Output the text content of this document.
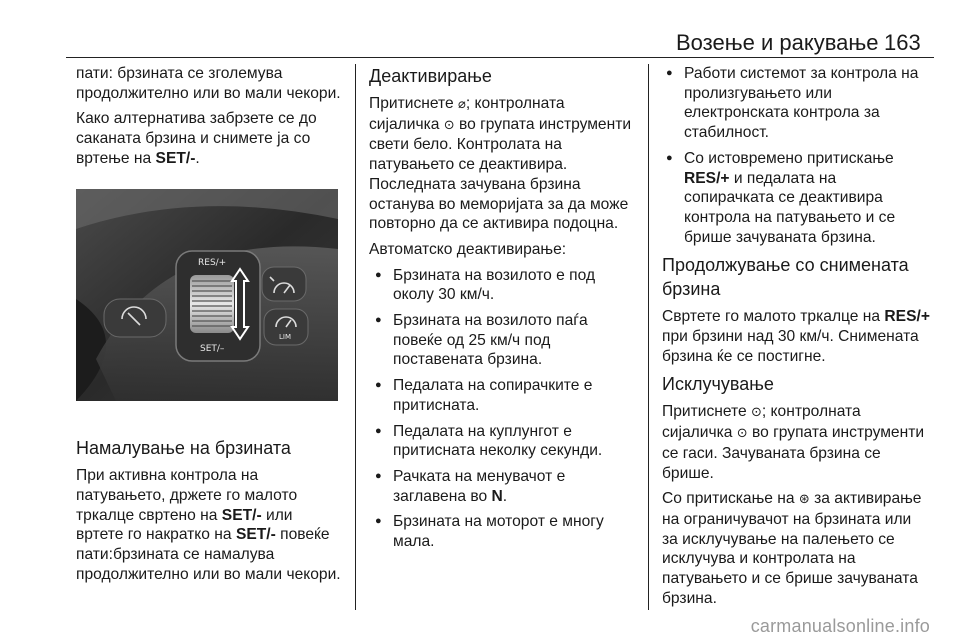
Возење и ракување 163

пати: брзината се зголемува продолжително или во мали чекори.

Како алтернатива забрзете се до саканата брзина и снимете ја со вртење на SET/-.

RES/+
SET/–
LIM
Намалување на брзината

При активна контрола на патувањето, држете го малото тркалце свртено на SET/- или вртете го накратко на SET/- повеќе пати:брзината се намалува продолжително или во мали чекори.

Деактивирање

Притиснете ⌀; контролната сијаличка ⊙ во групата инструменти свети бело. Контролата на патувањето се деактивира. Последната зачувана брзина останува во меморијата за да може повторно да се активира подоцна.

Автоматско деактивирање:

● Брзината на возилото е под околу 30 км/ч.
● Брзината на возилото паѓа повеќе од 25 км/ч под поставената брзина.
● Педалата на сопирачките е притисната.
● Педалата на куплунгот е притисната неколку секунди.
● Рачката на менувачот е заглавена во N.
● Брзината на моторот е многу мала.
● Работи системот за контрола на пролизгувањето или електронската контрола за стабилност.
● Со истовремено притискање RES/+ и педалата на сопирачката се деактивира контрола на патувањето и се брише зачуваната брзина.
Продолжување со снимената брзина

Свртете го малото тркалце на RES/+ при брзини над 30 км/ч. Снимената брзина ќе се постигне.

Исклучување

Притиснете ⊙; контролната сијаличка ⊙ во групата инструменти се гаси. Зачуваната брзина се брише.

Со притискање на ⊛ за активирање на ограничувачот на брзината или за исклучување на палењето се исклучува и контролата на патувањето и се брише зачуваната брзина.

carmanualsonline.info
